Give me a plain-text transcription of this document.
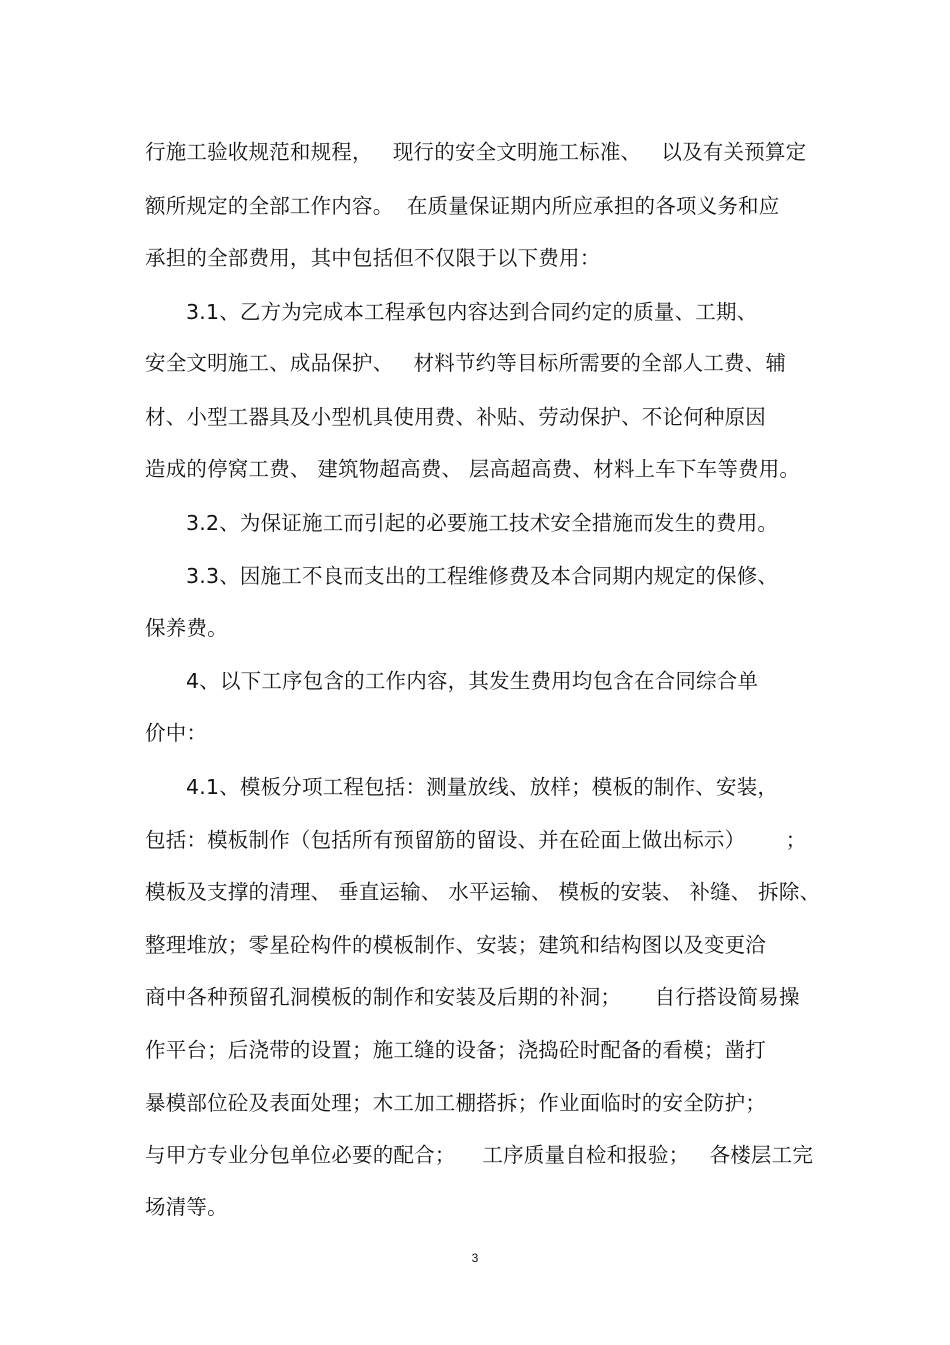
行施工验收规范和规程，   现行的安全文明施工标准、   以及有关预算定
额所规定的全部工作内容。  在质量保证期内所应承担的各项义务和应
承担的全部费用，其中包括但不仅限于以下费用：
3.1、乙方为完成本工程承包内容达到合同约定的质量、工期、
安全文明施工、成品保护、   材料节约等目标所需要的全部人工费、辅
材、小型工器具及小型机具使用费、补贴、劳动保护、不论何种原因
造成的停窝工费、 建筑物超高费、 层高超高费、材料上车下车等费用。
3.2、为保证施工而引起的必要施工技术安全措施而发生的费用。
3.3、因施工不良而支出的工程维修费及本合同期内规定的保修、
保养费。
4、以下工序包含的工作内容，其发生费用均包含在合同综合单
价中：
4.1、模板分项工程包括：测量放线、放样；模板的制作、安装，
包括：模板制作（包括所有预留筋的留设、并在砼面上做出标示）      ；
模板及支撑的清理、 垂直运输、 水平运输、 模板的安装、 补缝、 拆除、
整理堆放；零星砼构件的模板制作、安装；建筑和结构图以及变更洽
商中各种预留孔洞模板的制作和安装及后期的补洞；     自行搭设简易操
作平台；后浇带的设置；施工缝的设备；浇捣砼时配备的看模；凿打
暴模部位砼及表面处理；木工加工棚搭拆；作业面临时的安全防护；
与甲方专业分包单位必要的配合；    工序质量自检和报验；   各楼层工完
场清等。
3
